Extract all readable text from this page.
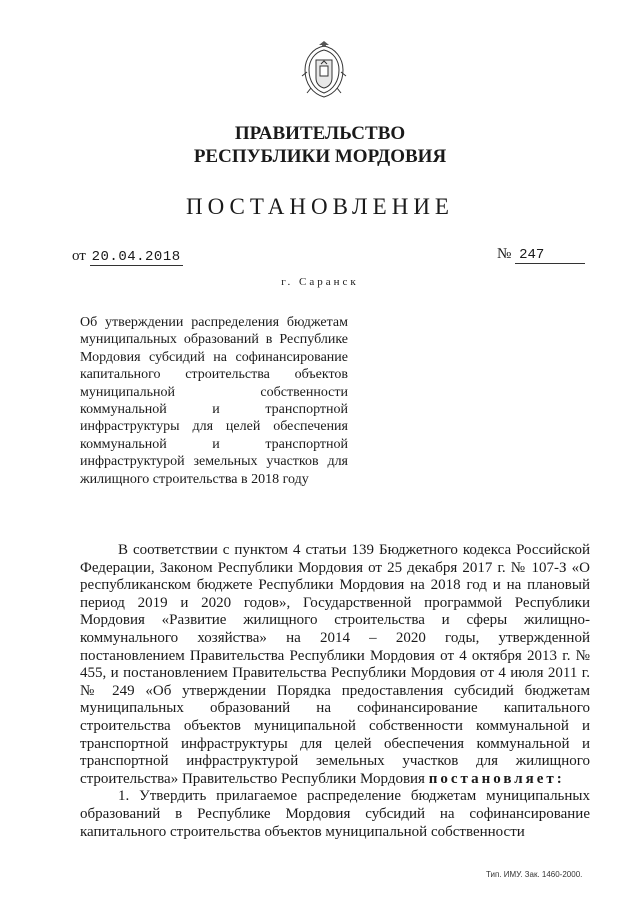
ПРАВИТЕЛЬСТВО
РЕСПУБЛИКИ МОРДОВИЯ
ПОСТАНОВЛЕНИЕ
от 20.04.2018	№ 247
г. Саранск
Об утверждении распределения бюджетам муниципальных образований в Республике Мордовия субсидий на софинансирование капитального строительства объектов муниципальной собственности коммунальной и транспортной инфраструктуры для целей обеспечения коммунальной и транспортной инфраструктурой земельных участков для жилищного строительства в 2018 году

В соответствии с пунктом 4 статьи 139 Бюджетного кодекса Российской Федерации, Законом Республики Мордовия от 25 декабря 2017 г. № 107-З «О республиканском бюджете Республики Мордовия на 2018 год и на плановый период 2019 и 2020 годов», Государственной программой Республики Мордовия «Развитие жилищного строительства и сферы жилищно-коммунального хозяйства» на 2014 – 2020 годы, утвержденной постановлением Правительства Республики Мордовия от 4 октября 2013 г. № 455, и постановлением Правительства Республики Мордовия от 4 июля 2011 г. № 249 «Об утверждении Порядка предоставления субсидий бюджетам муниципальных образований на софинансирование капитального строительства объектов муниципальной собственности коммунальной и транспортной инфраструктуры для целей обеспечения коммунальной и транспортной инфраструктурой земельных участков для жилищного строительства» Правительство Республики Мордовия постановляет:

1. Утвердить прилагаемое распределение бюджетам муниципальных образований в Республике Мордовия субсидий на софинансирование капитального строительства объектов муниципальной собственности

Тип. ИМУ. Зак. 1460-2000.
